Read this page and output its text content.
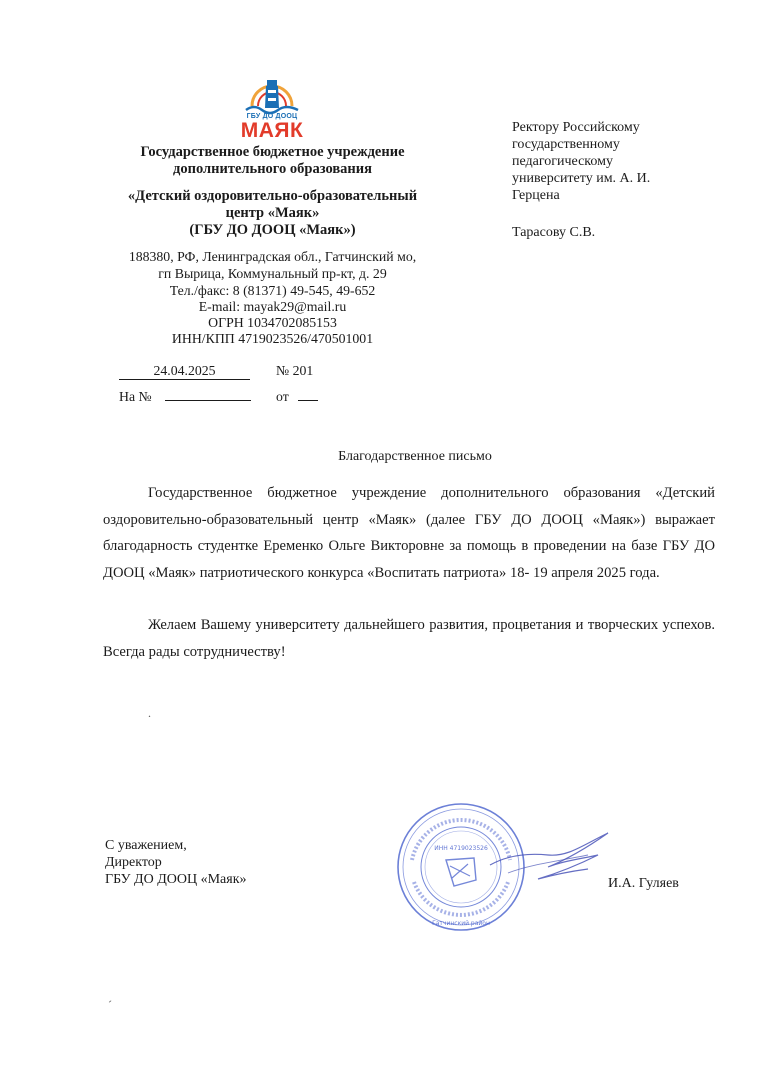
ГБУ ДО ДООЦ
МАЯК
Государственное бюджетное учреждение
дополнительного образования
«Детский оздоровительно-образовательный
центр «Маяк»
(ГБУ ДО ДООЦ «Маяк»)
188380, РФ, Ленинградская обл., Гатчинский мо,
гп Вырица, Коммунальный пр-кт, д. 29
Тел./факс: 8 (81371) 49-545, 49-652
E-mail: mayak29@mail.ru
ОГРН 1034702085153
ИНН/КПП 4719023526/470501001
Ректору Российскому
государственному
педагогическому
университету им. А. И.
Герцена
Тарасову С.В.
24.04.2025	№ 201
На №	от
Благодарственное письмо

Государственное бюджетное учреждение дополнительного образования «Детский оздоровительно-образовательный центр «Маяк» (далее ГБУ ДО ДООЦ «Маяк») выражает благодарность студентке Еременко Ольге Викторовне за помощь в проведении на базе ГБУ ДО ДООЦ «Маяк» патриотического конкурса «Воспитать патриота» 18- 19 апреля 2025 года.

Желаем Вашему университету дальнейшего развития, процветания и творческих успехов. Всегда рады сотрудничеству!

.
С уважением,
Директор
ГБУ ДО ДООЦ «Маяк»	И.А. Гуляев
ИНН 4719023526
Гатчинский район
´
